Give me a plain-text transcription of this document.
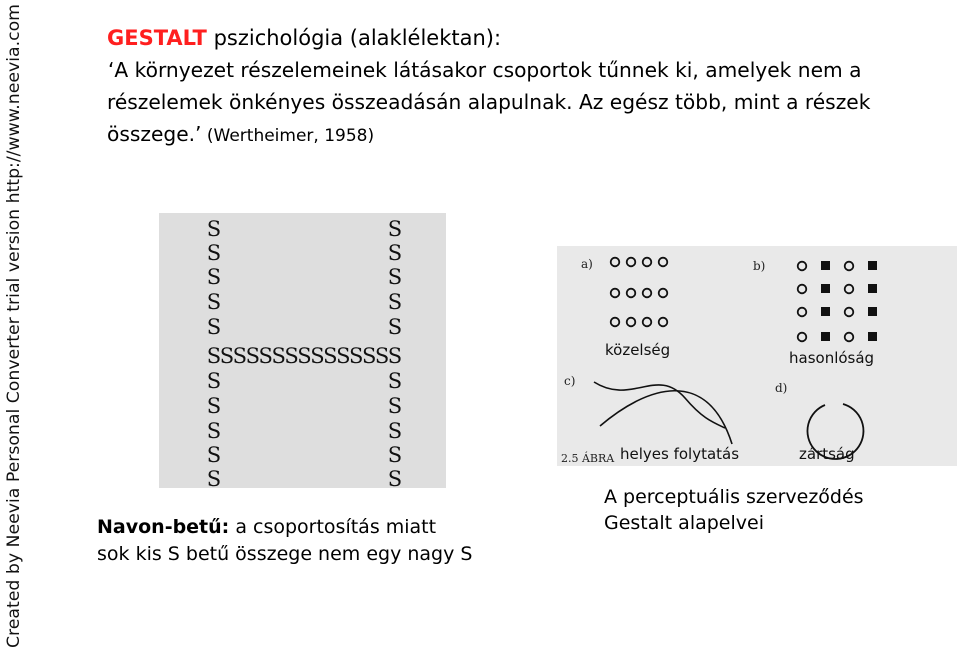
Created by Neevia Personal Converter trial version http://www.neevia.com	GESTALT pszichológia (alaklélektan):
‘A környezet részelemeinek látásakor csoportok tűnnek ki, amelyek nem a
részelemek önkényes összeadásán alapulnak. Az egész több, mint a részek
összege.’ (Wertheimer, 1958)
S	S
S	S
S	S
S	S
S	S
S
S
S
S
S
S
S
S
S
S
S
S
S
S
S
S	S
S	S
S	S
S	S
S	S
Navon-betű: a csoportosítás miatt
sok kis S betű összege nem egy nagy S
a)	b)
c)	d)
közelség	hasonlóság
2.5 ÁBRA helyes folytatás	zártság
A perceptuális szerveződés
Gestalt alapelvei
